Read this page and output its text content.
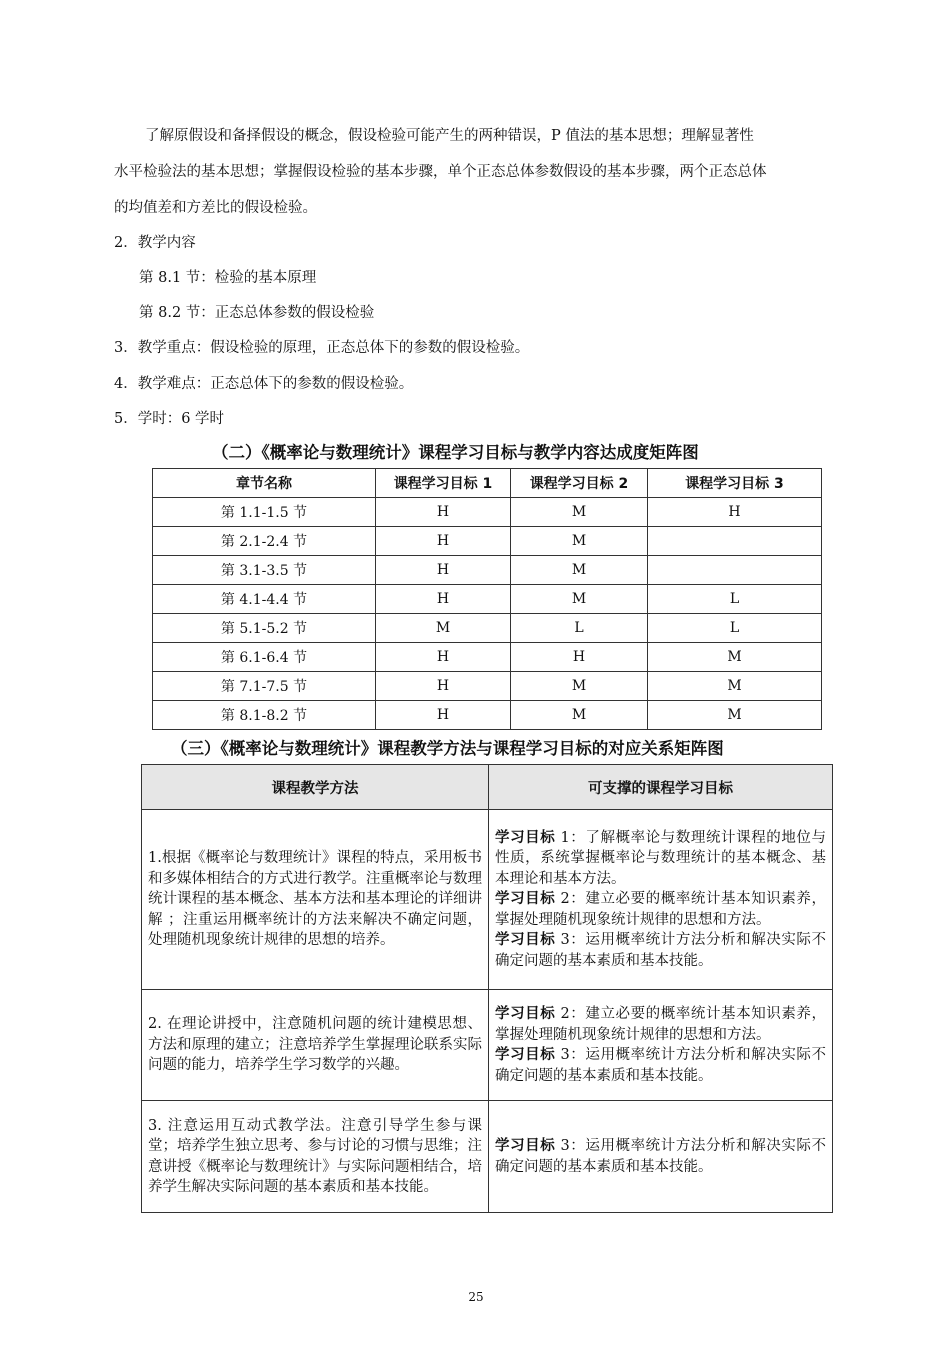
了解原假设和备择假设的概念，假设检验可能产生的两种错误，P 值法的基本思想；理解显著性
水平检验法的基本思想；掌握假设检验的基本步骤，单个正态总体参数假设的基本步骤，两个正态总体
的均值差和方差比的假设检验。
2．教学内容
第 8.1 节：检验的基本原理
第 8.2 节：正态总体参数的假设检验
3．教学重点：假设检验的原理，正态总体下的参数的假设检验。
4．教学难点：正态总体下的参数的假设检验。
5．学时：6 学时
（二）《概率论与数理统计》课程学习目标与教学内容达成度矩阵图
章节名称	课程学习目标 1	课程学习目标 2	课程学习目标 3
第 1.1-1.5 节	H	M	H
第 2.1-2.4 节	H	M	
第 3.1-3.5 节	H	M	
第 4.1-4.4 节	H	M	L
第 5.1-5.2 节	M	L	L
第 6.1-6.4 节	H	H	M
第 7.1-7.5 节	H	M	M
第 8.1-8.2 节	H	M	M
（三）《概率论与数理统计》课程教学方法与课程学习目标的对应关系矩阵图
课程教学方法	可支撑的课程学习目标
1.根据《概率论与数理统计》课程的特点，采用板书和多媒体相结合的方式进行教学。注重概率论与数理统计课程的基本概念、基本方法和基本理论的详细讲解 ；注重运用概率统计的方法来解决不确定问题，处理随机现象统计规律的思想的培养。	学习目标 1：了解概率论与数理统计课程的地位与性质，系统掌握概率论与数理统计的基本概念、基本理论和基本方法。
学习目标 2：建立必要的概率统计基本知识素养，掌握处理随机现象统计规律的思想和方法。
学习目标 3：运用概率统计方法分析和解决实际不确定问题的基本素质和基本技能。

2. 在理论讲授中，注意随机问题的统计建模思想、方法和原理的建立；注意培养学生掌握理论联系实际问题的能力，培养学生学习数学的兴趣。	学习目标 2：建立必要的概率统计基本知识素养，掌握处理随机现象统计规律的思想和方法。
学习目标 3：运用概率统计方法分析和解决实际不确定问题的基本素质和基本技能。

3. 注意运用互动式教学法。注意引导学生参与课堂；培养学生独立思考、参与讨论的习惯与思维；注意讲授《概率论与数理统计》与实际问题相结合，培养学生解决实际问题的基本素质和基本技能。	学习目标 3：运用概率统计方法分析和解决实际不确定问题的基本素质和基本技能。
25
